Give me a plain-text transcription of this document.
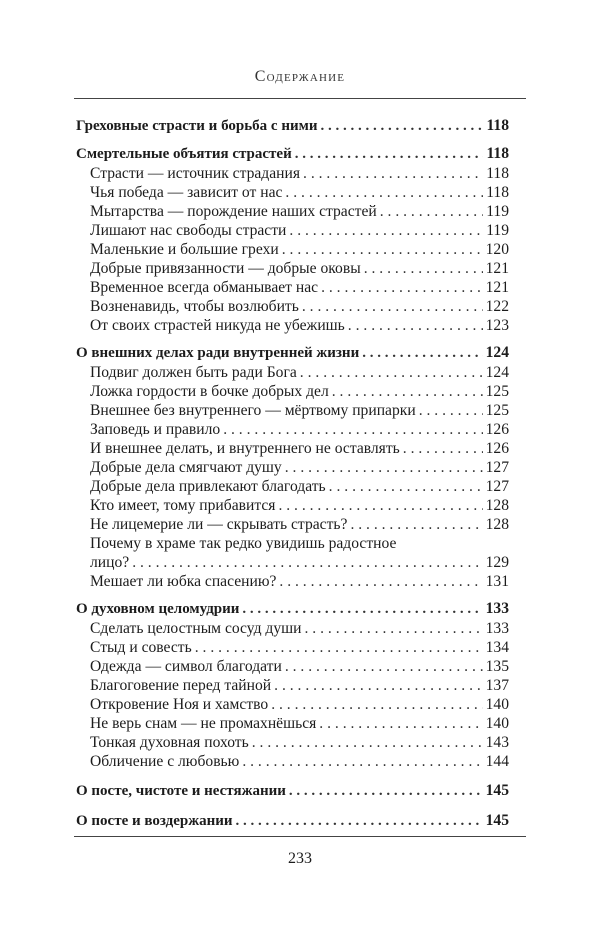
Содержание
Греховные страсти и борьба с ними . . .	118
Смертельные объятия страстей . . .	118
Страсти — источник страдания . . .	118
Чья победа — зависит от нас . . .	118
Мытарства — порождение наших страстей . . .	119
Лишают нас свободы страсти . . .	119
Маленькие и большие грехи . . .	120
Добрые привязанности — добрые оковы . . .	121
Временное всегда обманывает нас . . .	121
Возненавидь, чтобы возлюбить . . .	122
От своих страстей никуда не убежишь . . .	123
О внешних делах ради внутренней жизни . . .	124
Подвиг должен быть ради Бога . . .	124
Ложка гордости в бочке добрых дел . . .	125
Внешнее без внутреннего — мёртвому припарки . . .	125
Заповедь и правило . . .	126
И внешнее делать, и внутреннего не оставлять . . .	126
Добрые дела смягчают душу . . .	127
Добрые дела привлекают благодать . . .	127
Кто имеет, тому прибавится . . .	128
Не лицемерие ли — скрывать страсть? . . .	128
Почему в храме так редко увидишь радостное
лицо? . . .	129
Мешает ли юбка спасению? . . .	131
О духовном целомудрии . . .	133
Сделать целостным сосуд души . . .	133
Стыд и совесть . . .	134
Одежда — символ благодати . . .	135
Благоговение перед тайной . . .	137
Откровение Ноя и хамство . . .	140
Не верь снам — не промахнёшься . . .	140
Тонкая духовная похоть . . .	143
Обличение с любовью . . .	144
О посте, чистоте и нестяжании . . .	145
О посте и воздержании . . .	145
233
